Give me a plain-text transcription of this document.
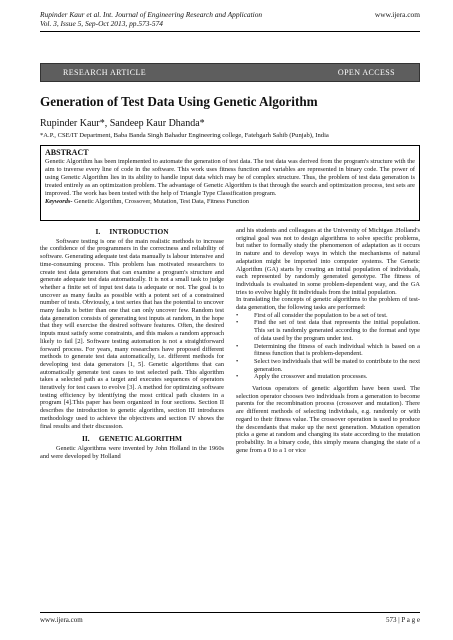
Rupinder Kaur et al. Int. Journal of Engineering Research and Application
Vol. 3, Issue 5, Sep-Oct 2013, pp.573-574
www.ijera.com
RESEARCH ARTICLE	OPEN ACCESS
Generation of Test Data Using Genetic Algorithm
Rupinder Kaur*, Sandeep Kaur Dhanda*
*A.P., CSE/IT Department, Baba Banda Singh Bahadur Engineering college, Fatehgarh Sahib (Punjab), India
ABSTRACT
Genetic Algorithm has been implemented to automate the generation of test data. The test data was derived from the program's structure with the aim to traverse every line of code in the software. This work uses fitness function and variables are represented in binary code. The power of using Genetic Algorithm lies in its ability to handle input data which may be of complex structure. Thus, the problem of test data generation is treated entirely as an optimization problem. The advantage of Genetic Algorithm is that through the search and optimization process, test sets are improved. The work has been tested with the help of Triangle Type Classification program.
Keywords- Genetic Algorithm, Crossover, Mutation, Test Data, Fitness Function
I.     INTRODUCTION

Software testing is one of the main realistic methods to increase the confidence of the programmers in the correctness and reliability of software. Generating adequate test data manually is labour intensive and time-consuming process. This problem has motivated researchers to create test data generators that can examine a program's structure and generate adequate test data automatically. It is not a small task to judge whether a finite set of input test data is adequate or not. The goal is to uncover as many faults as possible with a potent set of a constrained number of tests. Obviously, a test series that has the potential to uncover many faults is better than one that can only uncover few. Random test data generation consists of generating test inputs at random, in the hope that they will exercise the desired software features. Often, the desired inputs must satisfy some constraints, and this makes a random approach likely to fail [2]. Software testing automation is not a straightforward forward process. For years, many researchers have proposed different methods to generate test data automatically, i.e. different methods for developing test data generators [1, 5]. Genetic algorithms that can automatically generate test cases to test selected path. This algorithm takes a selected path as a target and executes sequences of operators iteratively for test cases to evolve [3]. A method for optimizing software testing efficiency by identifying the most critical path clusters in a program [4].This paper has been organized in four sections. Section II describes the introduction to genetic algorithm, section III introduces methodology used to achieve the objectives and section IV shows the final results and their discussion.

II.     GENETIC ALGORITHM

Genetic Algorithms were invented by John Holland in the 1960s and were developed by Holland

and his students and colleagues at the University of Michigan .Holland's original goal was not to design algorithms to solve specific problems, but rather to formally study the phenomenon of adaptation as it occurs in nature and to develop ways in which the mechanisms of natural adaptation might be imported into computer systems. The Genetic Algorithm (GA) starts by creating an initial population of individuals, each represented by randomly generated genotype. The fitness of individuals is evaluated in some problem-dependent way, and the GA tries to evolve highly fit individuals from the initial population.

In translating the concepts of genetic algorithms to the problem of test-data generation, the following tasks are performed:

• First of all consider the population to be a set of test.
• Find the set of test data that represents the initial population. This set is randomly generated according to the format and type of data used by the program under test.
• Determining the fitness of each individual which is based on a fitness function that is problem-dependent.
• Select two individuals that will be mated to contribute to the next generation.
• Apply the crossover and mutation processes.

Various operators of genetic algorithm have been used. The selection operator chooses two individuals from a generation to become parents for the recombination process (crossover and mutation). There are different methods of selecting individuals, e.g. randomly or with regard to their fitness value. The crossover operation is used to produce the descendants that make up the next generation. Mutation operation picks a gene at random and changing its state according to the mutation probability. In a binary code, this simply means changing the state of a gene from a 0 to a 1 or vice

www.ijera.com	573 | P a g e
